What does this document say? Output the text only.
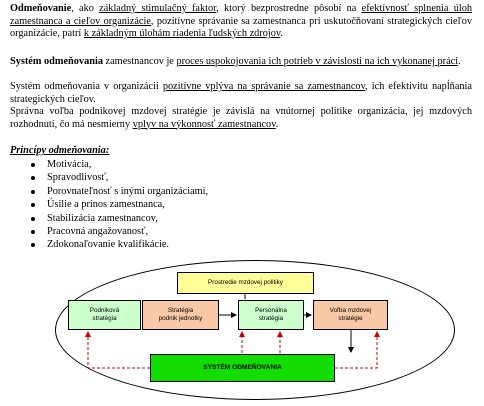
Odmeňovanie, ako základný stimulačný faktor, ktorý bezprostredne pôsobí na efektívnosť splnenia úloh zamestnanca a cieľov organizácie, pozitívne správanie sa zamestnanca pri uskutočňovaní strategických cieľov organizácie, patrí k základným úlohám riadenia ľudských zdrojov.
Systém odmeňovania zamestnancov je proces uspokojovania ich potrieb v závislosti na ich vykonanej práci.
Systém odmeňovania v organizácii pozitívne vplýva na správanie sa zamestnancov, ich efektivitu napĺňania strategických cieľov.
Správna voľba podnikovej mzdovej stratégie je závislá na vnútornej politike organizácia, jej mzdových rozhodnutí, čo má nesmierny vplyv na výkonnosť zamestnancov.
Princípy odmeňovania:
Motivácia,
Spravodlivosť,
Porovnateľnosť s inými organizáciami,
Úsilie a prínos zamestnanca,
Stabilizácia zamestnancov,
Pracovná angažovanosť,
Zdokonaľovanie kvalifikácie.
Prostredie mzdovej politiky
Podniková
stratégia
Stratégia
podnik jednotky
Personálna
stratégia
Voľba mzdovej
stratégie
SYSTÉM ODMEŇOVANIA
